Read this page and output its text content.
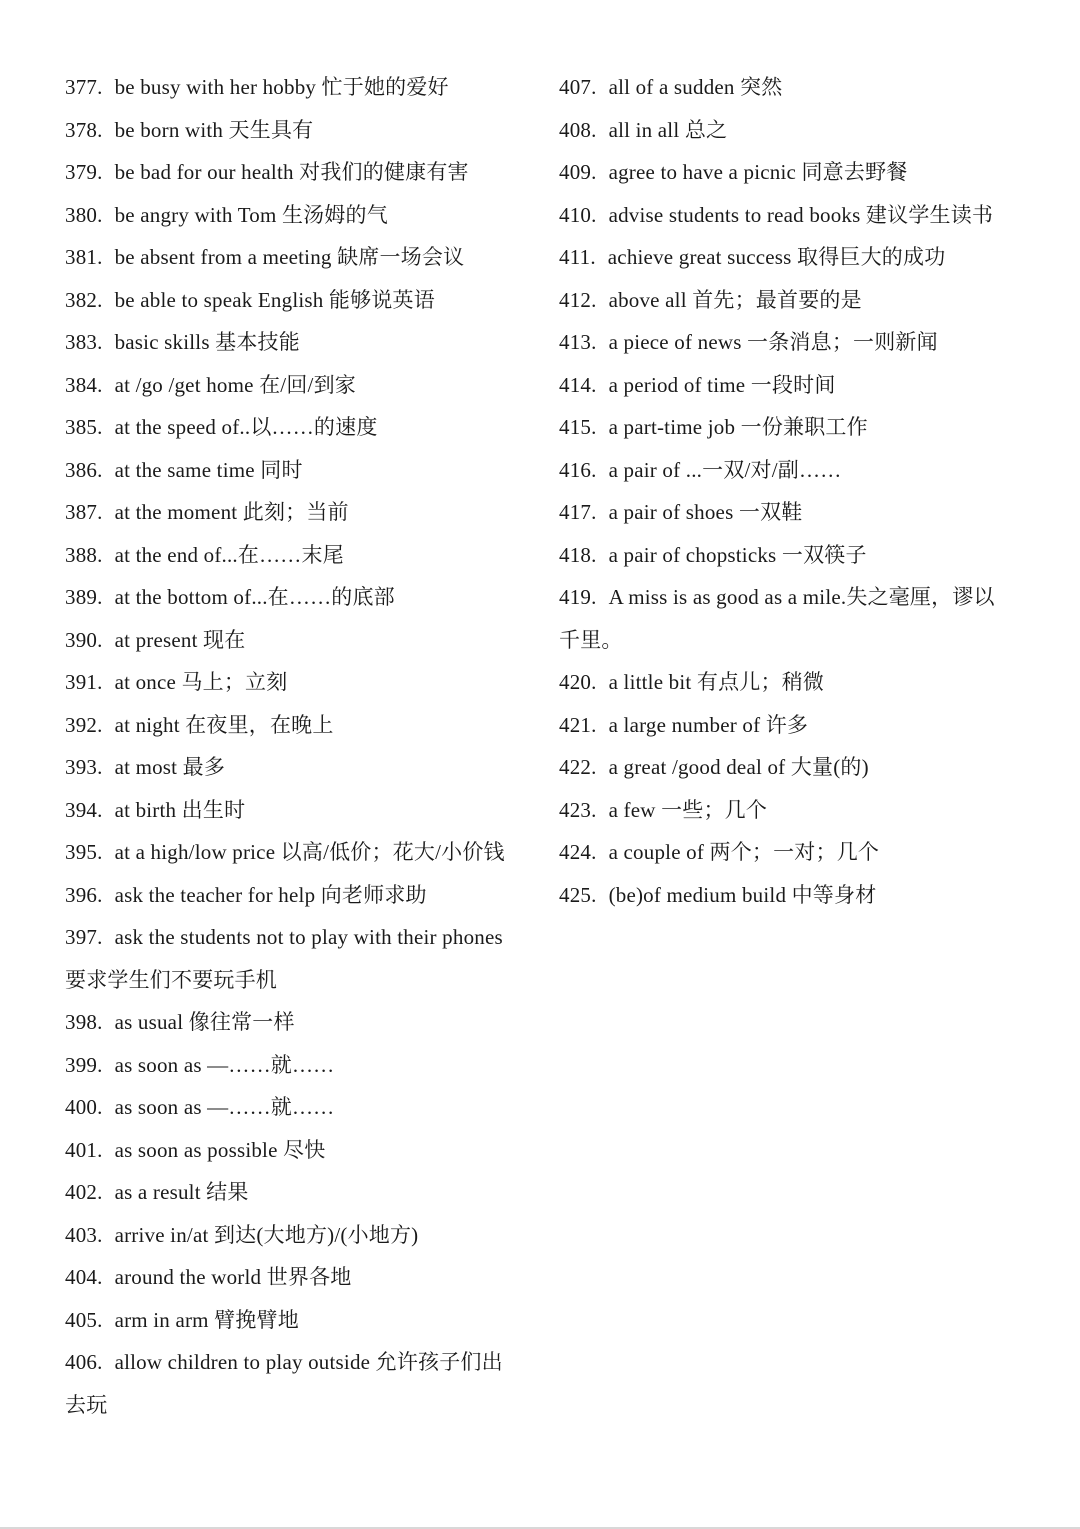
377. be busy with her hobby 忙于她的爱好
378. be born with 天生具有
379. be bad for our health 对我们的健康有害
380. be angry with Tom 生汤姆的气
381. be absent from a meeting 缺席一场会议
382. be able to speak English 能够说英语
383. basic skills 基本技能
384. at /go /get home 在/回/到家
385. at the speed of..以……的速度
386. at the same time 同时
387. at the moment 此刻；当前
388. at the end of...在……末尾
389. at the bottom of...在……的底部
390. at present 现在
391. at once 马上；立刻
392. at night 在夜里，在晚上
393. at most 最多
394. at birth 出生时
395. at a high/low price 以高/低价；花大/小价钱
396. ask the teacher for help 向老师求助
397. ask the students not to play with their phones 要求学生们不要玩手机
398. as usual 像往常一样
399. as soon as —……就……
400. as soon as —……就……
401. as soon as possible 尽快
402. as a result 结果
403. arrive in/at 到达(大地方)/(小地方)
404. around the world 世界各地
405. arm in arm 臂挽臂地
406. allow children to play outside 允许孩子们出去玩
407. all of a sudden 突然
408. all in all 总之
409. agree to have a picnic 同意去野餐
410. advise students to read books 建议学生读书
411. achieve great success 取得巨大的成功
412. above all 首先；最首要的是
413. a piece of news 一条消息；一则新闻
414. a period of time 一段时间
415. a part-time job 一份兼职工作
416. a pair of ...一双/对/副……
417. a pair of shoes 一双鞋
418. a pair of chopsticks 一双筷子
419. A miss is as good as a mile.失之毫厘，谬以千里。
420. a little bit 有点儿；稍微
421. a large number of 许多
422. a great /good deal of 大量(的)
423. a few 一些；几个
424. a couple of 两个；一对；几个
425. (be)of medium build 中等身材
